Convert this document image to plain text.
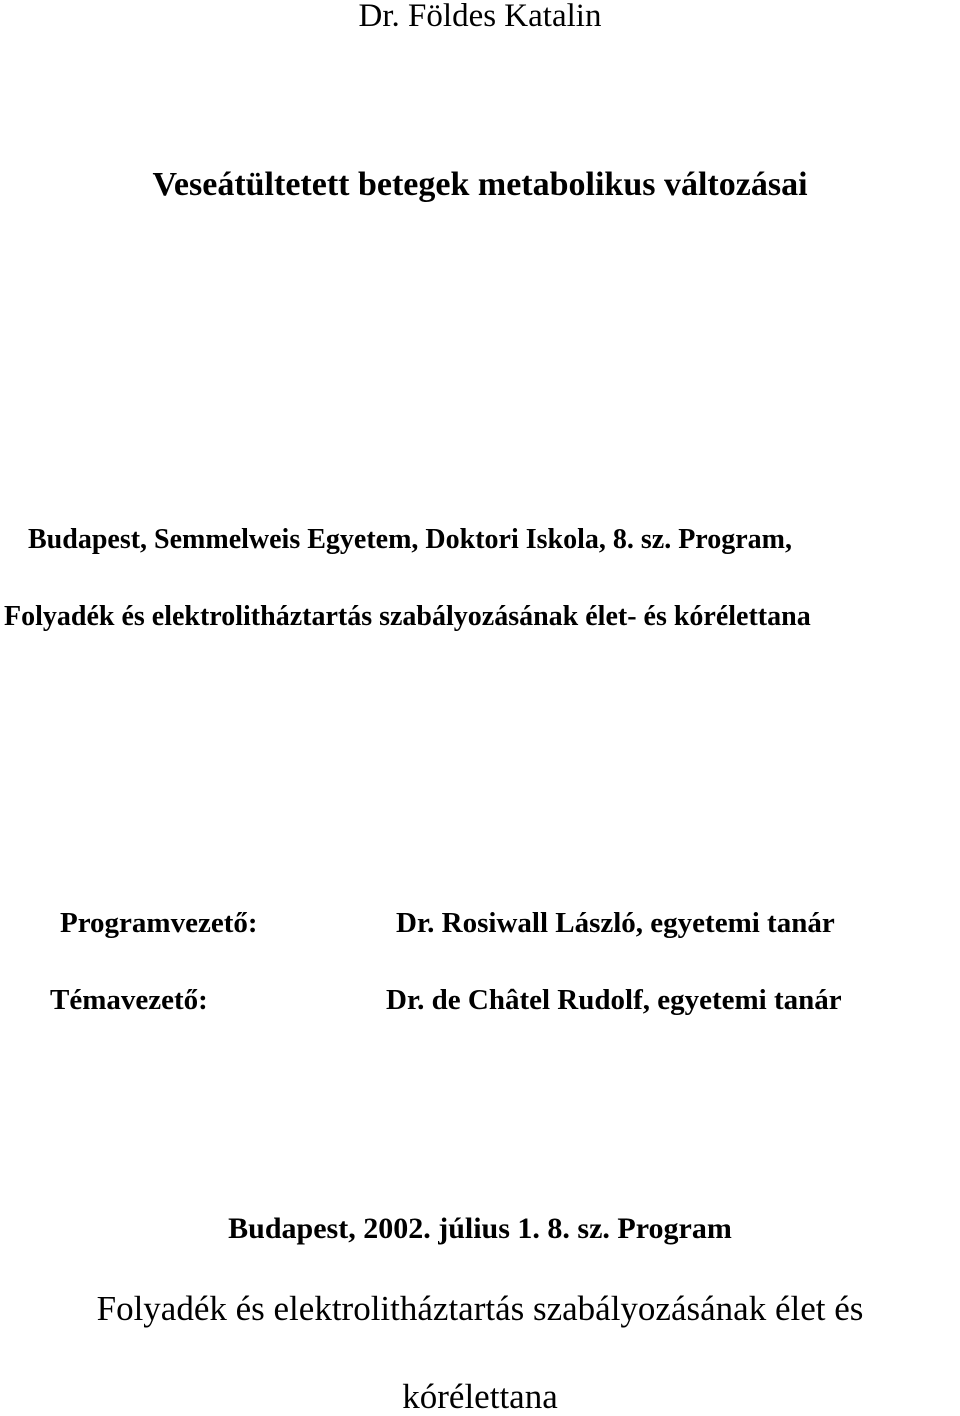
Dr. Földes Katalin
Veseátültetett betegek metabolikus változásai
Budapest, Semmelweis Egyetem, Doktori Iskola, 8. sz. Program,
Folyadék és elektrolitháztartás szabályozásának élet- és kórélettana
Programvezető:	Dr. Rosiwall László, egyetemi tanár
Témavezető:	Dr. de Châtel Rudolf, egyetemi tanár
Budapest, 2002. július 1. 8. sz. Program
Folyadék és elektrolitháztartás szabályozásának élet és
kórélettana
